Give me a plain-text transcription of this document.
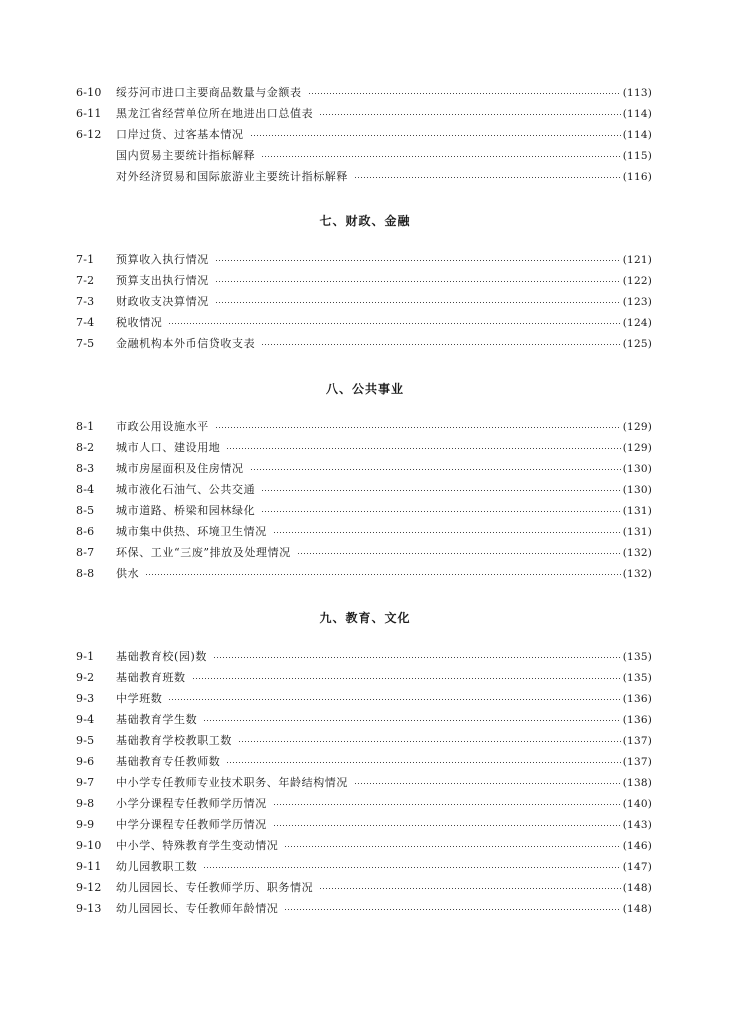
6-10	绥芬河市进口主要商品数量与金额表	(113)
6-11	黑龙江省经营单位所在地进出口总值表	(114)
6-12	口岸过货、过客基本情况	(114)
国内贸易主要统计指标解释	(115)
对外经济贸易和国际旅游业主要统计指标解释	(116)
七、财政、金融
7-1	预算收入执行情况	(121)
7-2	预算支出执行情况	(122)
7-3	财政收支决算情况	(123)
7-4	税收情况	(124)
7-5	金融机构本外币信贷收支表	(125)
八、公共事业
8-1	市政公用设施水平	(129)
8-2	城市人口、建设用地	(129)
8-3	城市房屋面积及住房情况	(130)
8-4	城市液化石油气、公共交通	(130)
8-5	城市道路、桥梁和园林绿化	(131)
8-6	城市集中供热、环境卫生情况	(131)
8-7	环保、工业“三废”排放及处理情况	(132)
8-8	供水	(132)
九、教育、文化
9-1	基础教育校(园)数	(135)
9-2	基础教育班数	(135)
9-3	中学班数	(136)
9-4	基础教育学生数	(136)
9-5	基础教育学校教职工数	(137)
9-6	基础教育专任教师数	(137)
9-7	中小学专任教师专业技术职务、年龄结构情况	(138)
9-8	小学分课程专任教师学历情况	(140)
9-9	中学分课程专任教师学历情况	(143)
9-10	中小学、特殊教育学生变动情况	(146)
9-11	幼儿园教职工数	(147)
9-12	幼儿园园长、专任教师学历、职务情况	(148)
9-13	幼儿园园长、专任教师年龄情况	(148)
